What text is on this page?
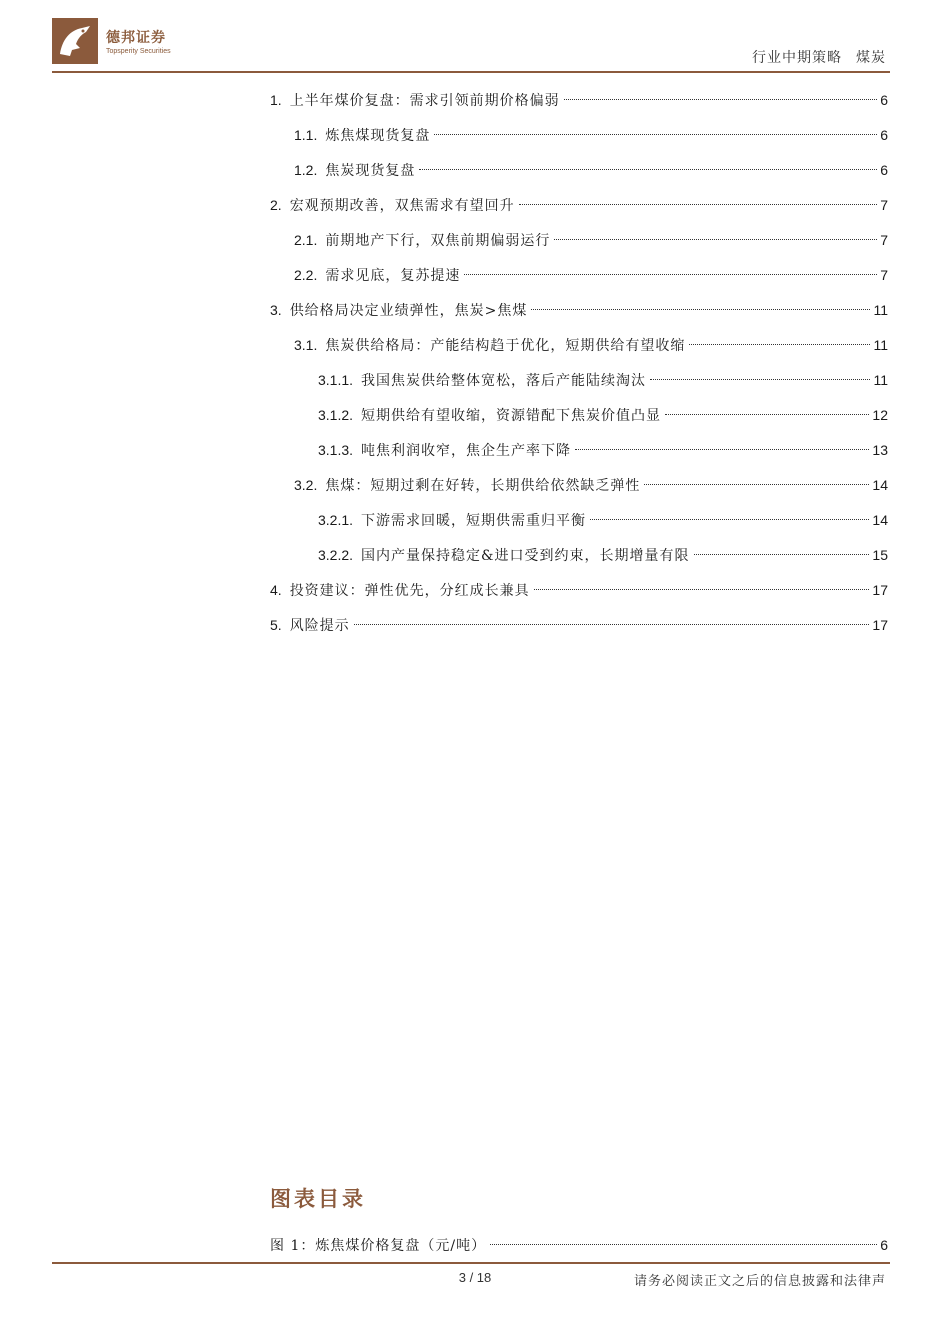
德邦证券
Topsperity Securities	行业中期策略 煤炭
1. 上半年煤价复盘：需求引领前期价格偏弱	6
1.1. 炼焦煤现货复盘	6
1.2. 焦炭现货复盘	6
2. 宏观预期改善，双焦需求有望回升	7
2.1. 前期地产下行，双焦前期偏弱运行	7
2.2. 需求见底，复苏提速	7
3. 供给格局决定业绩弹性，焦炭>焦煤	11
3.1. 焦炭供给格局：产能结构趋于优化，短期供给有望收缩	11
3.1.1. 我国焦炭供给整体宽松，落后产能陆续淘汰	11
3.1.2. 短期供给有望收缩，资源错配下焦炭价值凸显	12
3.1.3. 吨焦利润收窄，焦企生产率下降	13
3.2. 焦煤：短期过剩在好转，长期供给依然缺乏弹性	14
3.2.1. 下游需求回暖，短期供需重归平衡	14
3.2.2. 国内产量保持稳定&进口受到约束，长期增量有限	15
4. 投资建议：弹性优先，分红成长兼具	17
5. 风险提示	17
图表目录
图 1：炼焦煤价格复盘（元/吨）	6
3 / 18	请务必阅读正文之后的信息披露和法律声
